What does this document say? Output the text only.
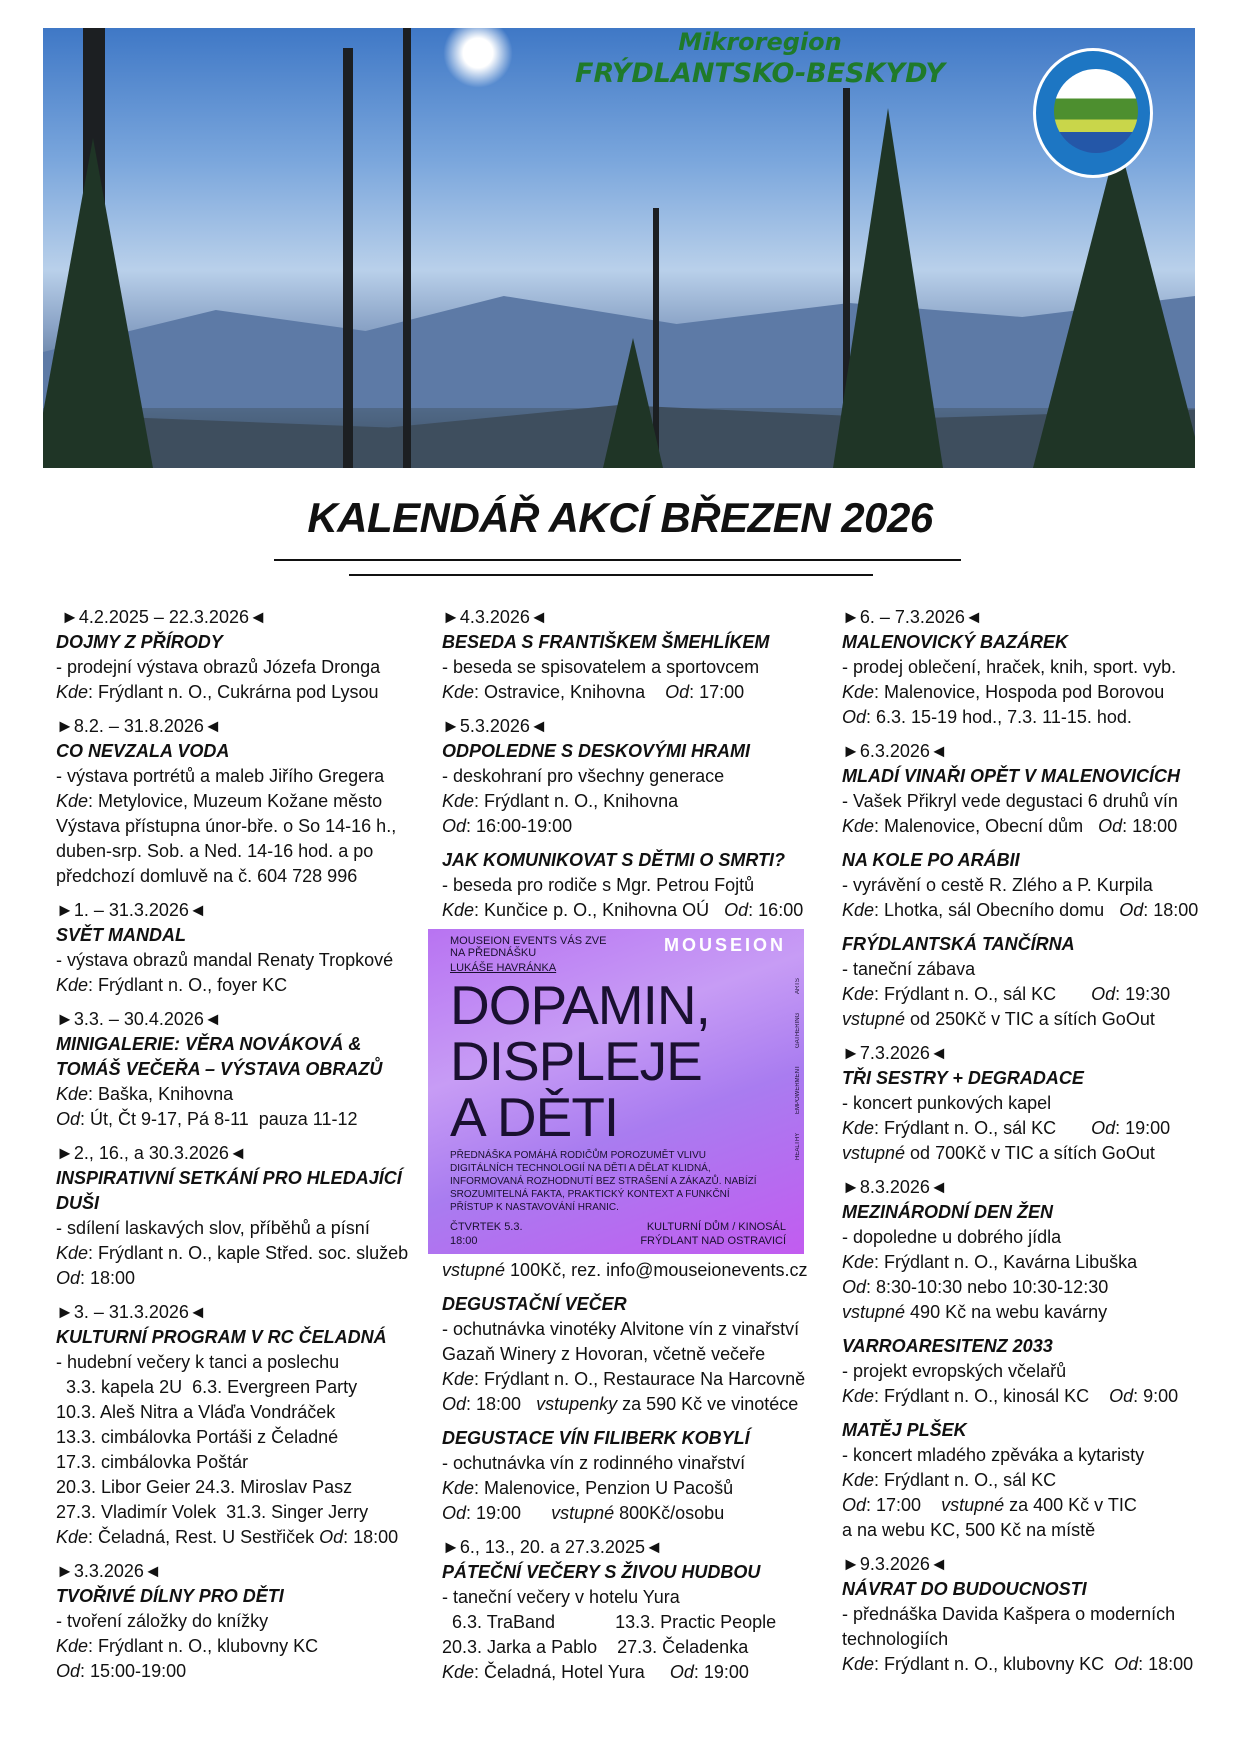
Mikroregion
FRÝDLANTSKO-BESKYDY
KALENDÁŘ AKCÍ BŘEZEN 2026
►4.2.2025 – 22.3.2026◄
DOJMY Z PŘÍRODY
- prodejní výstava obrazů Józefa Dronga
Kde: Frýdlant n. O., Cukrárna pod Lysou
►8.2. – 31.8.2026◄
CO NEVZALA VODA
- výstava portrétů a maleb Jiřího Gregera
Kde: Metylovice, Muzeum Kožane město
Výstava přístupna únor-bře. o So 14-16 h.,
duben-srp. Sob. a Ned. 14-16 hod. a po
předchozí domluvě na č. 604 728 996
►1. – 31.3.2026◄
SVĚT MANDAL
- výstava obrazů mandal Renaty Tropkové
Kde: Frýdlant n. O., foyer KC
►3.3. – 30.4.2026◄
MINIGALERIE: VĚRA NOVÁKOVÁ & TOMÁŠ VEČEŘA – VÝSTAVA OBRAZŮ
Kde: Baška, Knihovna
Od: Út, Čt 9-17, Pá 8-11  pauza 11-12
►2., 16., a 30.3.2026◄
INSPIRATIVNÍ SETKÁNÍ PRO HLEDAJÍCÍ DUŠI
- sdílení laskavých slov, příběhů a písní
Kde: Frýdlant n. O., kaple Střed. soc. služeb
Od: 18:00
►3. – 31.3.2026◄
KULTURNÍ PROGRAM V RC ČELADNÁ
- hudební večery k tanci a poslechu
3.3. kapela 2U  6.3. Evergreen Party
10.3. Aleš Nitra a Vláďa Vondráček
13.3. cimbálovka Portáši z Čeladné
17.3. cimbálovka Poštár
20.3. Libor Geier 24.3. Miroslav Pasz
27.3. Vladimír Volek  31.3. Singer Jerry
Kde: Čeladná, Rest. U Sestřiček Od: 18:00
►3.3.2026◄
TVOŘIVÉ DÍLNY PRO DĚTI
- tvoření záložky do knížky
Kde: Frýdlant n. O., klubovny KC
Od: 15:00-19:00
►4.3.2026◄
BESEDA S FRANTIŠKEM ŠMEHLÍKEM
- beseda se spisovatelem a sportovcem
Kde: Ostravice, Knihovna    Od: 17:00
►5.3.2026◄
ODPOLEDNE S DESKOVÝMI HRAMI
- deskohraní pro všechny generace
Kde: Frýdlant n. O., Knihovna
Od: 16:00-19:00
JAK KOMUNIKOVAT S DĚTMI O SMRTI?
- beseda pro rodiče s Mgr. Petrou Fojtů
Kde: Kunčice p. O., Knihovna OÚ   Od: 16:00
MOUSEION EVENTS VÁS ZVE NA PŘEDNÁŠKU	MOUSEION
LUKÁŠE HAVRÁNKA
DOPAMIN, DISPLEJE A DĚTI
PŘEDNÁŠKA POMÁHÁ RODIČŮM POROZUMĚT VLIVU DIGITÁLNÍCH TECHNOLOGIÍ NA DĚTI A DĚLAT KLIDNÁ, INFORMOVANÁ ROZHODNUTÍ BEZ STRAŠENÍ A ZÁKAZŮ. NABÍZÍ SROZUMITELNÁ FAKTA, PRAKTICKÝ KONTEXT A FUNKČNÍ PŘÍSTUP K NASTAVOVÁNÍ HRANIC.
ČTVRTEK 5.3.
18:00
KULTURNÍ DŮM / KINOSÁL
FRÝDLANT NAD OSTRAVICÍ
HEALTHY
EMPOWERMENT
GATHERING
ARTS
vstupné 100Kč, rez. info@mouseionevents.cz
DEGUSTAČNÍ VEČER
- ochutnávka vinotéky Alvitone vín z vinařství
Gazaň Winery z Hovoran, včetně večeře
Kde: Frýdlant n. O., Restaurace Na Harcovně
Od: 18:00   vstupenky za 590 Kč ve vinotéce
DEGUSTACE VÍN FILIBERK KOBYLÍ
- ochutnávka vín z rodinného vinařství
Kde: Malenovice, Penzion U Pacošů
Od: 19:00      vstupné 800Kč/osobu
►6., 13., 20. a 27.3.2025◄
PÁTEČNÍ VEČERY S ŽIVOU HUDBOU
- taneční večery v hotelu Yura
6.3. TraBand            13.3. Practic People
20.3. Jarka a Pablo    27.3. Čeladenka
Kde: Čeladná, Hotel Yura     Od: 19:00
►6. – 7.3.2026◄
MALENOVICKÝ BAZÁREK
- prodej oblečení, hraček, knih, sport. vyb.
Kde: Malenovice, Hospoda pod Borovou
Od: 6.3. 15-19 hod., 7.3. 11-15. hod.
►6.3.2026◄
MLADÍ VINAŘI OPĚT V MALENOVICÍCH
- Vašek Přikryl vede degustaci 6 druhů vín
Kde: Malenovice, Obecní dům   Od: 18:00
NA KOLE PO ARÁBII
- vyrávění o cestě R. Zlého a P. Kurpila
Kde: Lhotka, sál Obecního domu   Od: 18:00
FRÝDLANTSKÁ TANČÍRNA
- taneční zábava
Kde: Frýdlant n. O., sál KC       Od: 19:30
vstupné od 250Kč v TIC a sítích GoOut
►7.3.2026◄
TŘI SESTRY + DEGRADACE
- koncert punkových kapel
Kde: Frýdlant n. O., sál KC       Od: 19:00
vstupné od 700Kč v TIC a sítích GoOut
►8.3.2026◄
MEZINÁRODNÍ DEN ŽEN
- dopoledne u dobrého jídla
Kde: Frýdlant n. O., Kavárna Libuška
Od: 8:30-10:30 nebo 10:30-12:30
vstupné 490 Kč na webu kavárny
VARROARESITENZ 2033
- projekt evropských včelařů
Kde: Frýdlant n. O., kinosál KC    Od: 9:00
MATĚJ PLŠEK
- koncert mladého zpěváka a kytaristy
Kde: Frýdlant n. O., sál KC
Od: 17:00    vstupné za 400 Kč v TIC
a na webu KC, 500 Kč na místě
►9.3.2026◄
NÁVRAT DO BUDOUCNOSTI
- přednáška Davida Kašpera o moderních
technologiích
Kde: Frýdlant n. O., klubovny KC  Od: 18:00
